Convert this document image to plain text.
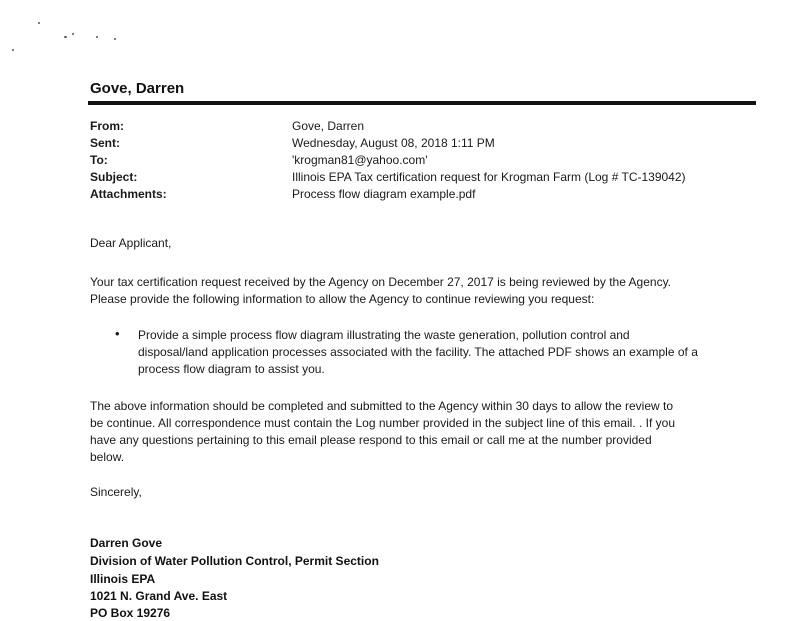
Gove, Darren
From:	Gove, Darren
Sent:	Wednesday, August 08, 2018 1:11 PM
To:	'krogman81@yahoo.com'
Subject:	Illinois EPA Tax certification request for Krogman Farm (Log # TC-139042)
Attachments:	Process flow diagram example.pdf
Dear Applicant,
Your tax certification request received by the Agency on December 27, 2017 is being reviewed by the Agency.
Please provide the following information to allow the Agency to continue reviewing you request:
• Provide a simple process flow diagram illustrating the waste generation, pollution control and
disposal/land application processes associated with the facility. The attached PDF shows an example of a
process flow diagram to assist you.
The above information should be completed and submitted to the Agency within 30 days to allow the review to
be continue. All correspondence must contain the Log number provided in the subject line of this email. . If you
have any questions pertaining to this email please respond to this email or call me at the number provided
below.
Sincerely,
Darren Gove
Division of Water Pollution Control, Permit Section
Illinois EPA
1021 N. Grand Ave. East
PO Box 19276
